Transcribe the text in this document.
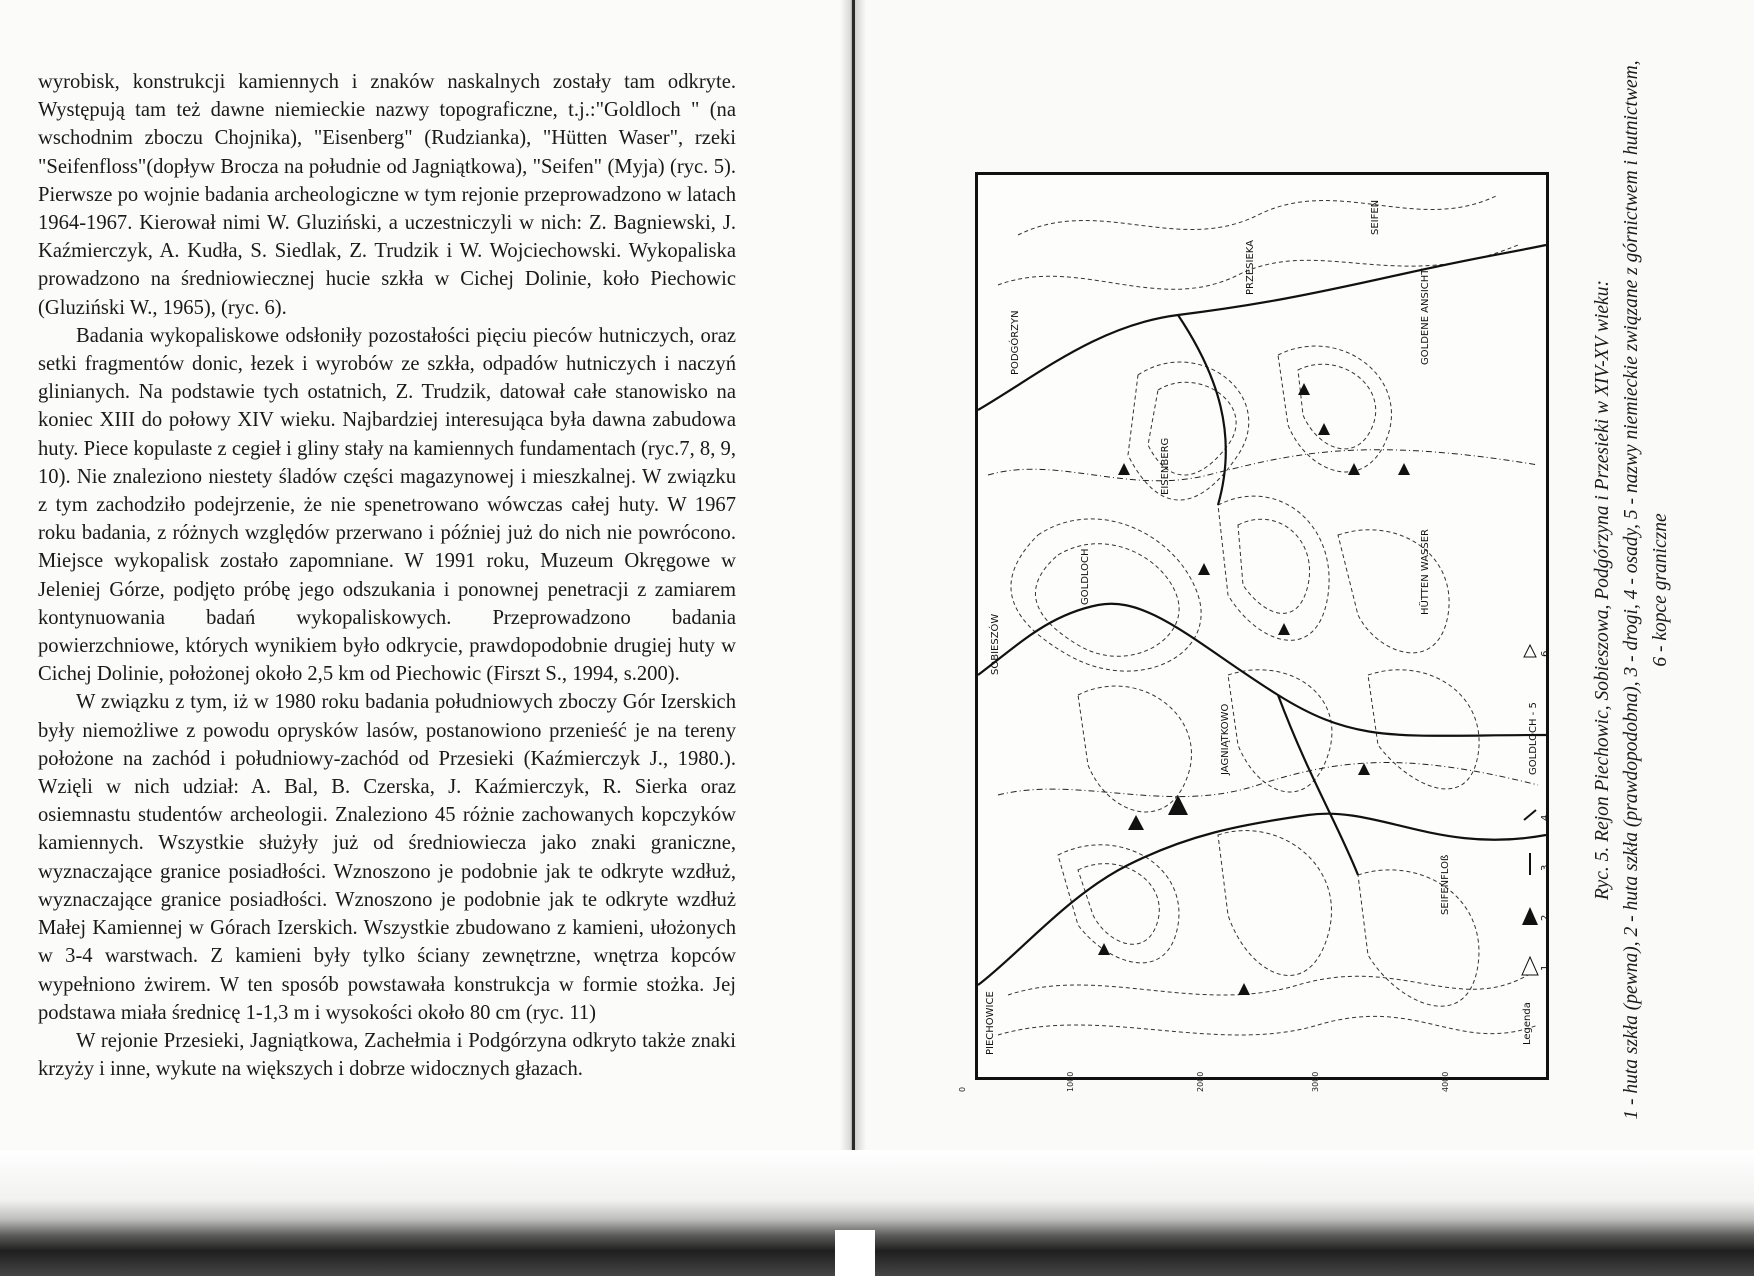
wyrobisk, konstrukcji kamiennych i znaków naskalnych zostały tam odkryte. Występują tam też dawne niemieckie nazwy topograficzne, t.j.:"Goldloch " (na wschodnim zboczu Chojnika), "Eisenberg" (Rudzianka), "Hütten Waser", rzeki "Seifenfloss"(dopływ Brocza na południe od Jagniątkowa), "Seifen" (Myja) (ryc. 5). Pierwsze po wojnie badania archeologiczne w tym rejonie przeprowadzono w latach 1964-1967. Kierował nimi W. Gluziński, a uczestniczyli w nich: Z. Bagniewski, J. Kaźmierczyk, A. Kudła, S. Siedlak, Z. Trudzik i W. Wojciechowski. Wykopaliska prowadzono na średniowiecznej hucie szkła w Cichej Dolinie, koło Piechowic (Gluziński W., 1965), (ryc. 6).

Badania wykopaliskowe odsłoniły pozostałości pięciu pieców hutniczych, oraz setki fragmentów donic, łezek i wyrobów ze szkła, odpadów hutniczych i naczyń glinianych. Na podstawie tych ostatnich, Z. Trudzik, datował całe stanowisko na koniec XIII do połowy XIV wieku. Najbardziej interesująca była dawna zabudowa huty. Piece kopulaste z cegieł i gliny stały na kamiennych fundamentach (ryc.7, 8, 9, 10). Nie znaleziono niestety śladów części magazynowej i mieszkalnej. W związku z tym zachodziło podejrzenie, że nie spenetrowano wówczas całej huty. W 1967 roku badania, z różnych względów przerwano i później już do nich nie powrócono. Miejsce wykopalisk zostało zapomniane. W 1991 roku, Muzeum Okręgowe w Jeleniej Górze, podjęto próbę jego odszukania i ponownej penetracji z zamiarem kontynuowania badań wykopaliskowych. Przeprowadzono badania powierzchniowe, których wynikiem było odkrycie, prawdopodobnie drugiej huty w Cichej Dolinie, położonej około 2,5 km od Piechowic (Firszt S., 1994, s.200).

W związku z tym, iż w 1980 roku badania południowych zboczy Gór Izerskich były niemożliwe z powodu oprysków lasów, postanowiono przenieść je na tereny położone na zachód i południowy-zachód od Przesieki (Kaźmierczyk J., 1980.). Wzięli w nich udział: A. Bal, B. Czerska, J. Kaźmierczyk, R. Sierka oraz osiemnastu studentów archeologii. Znaleziono 45 różnie zachowanych kopczyków kamiennych. Wszystkie służyły już od średniowiecza jako znaki graniczne, wyznaczające granice posiadłości. Wznoszono je podobnie jak te odkryte wzdłuż, wyznaczające granice posiadłości. Wznoszono je podobnie jak te odkryte wzdłuż Małej Kamiennej w Górach Izerskich. Wszystkie zbudowano z kamieni, ułożonych w 3-4 warstwach. Z kamieni były tylko ściany zewnętrzne, wnętrza kopców wypełniono żwirem. W ten sposób powstawała konstrukcja w formie stożka. Jej podstawa miała średnicę 1-1,3 m i wysokości około 80 cm (ryc. 11)

W rejonie Przesieki, Jagniątkowa, Zachełmia i Podgórzyna odkryto także znaki krzyży i inne, wykute na większych i dobrze widocznych głazach.

PODGÓRZYN
PRZESIEKA
SEIFEN
GOLDENE ANSICHT
EISENBERG
GOLDLOCH
SOBIESZÓW
HÜTTEN WASSER
JAGNIĄTKOWO
SEIFENFLOß
PIECHOWICE
0	1000	2000	3000	4000
Legenda
1
2
3
4
GOLDLOCH - 5
6 Ryc. 5. Rejon Piechowic, Sobieszowa, Podgórzyna i Przesieki w XIV-XV wieku: 1 - huta szkła (pewna), 2 - huta szkła (prawdopodobna), 3 - drogi, 4 - osady, 5 - nazwy niemieckie związane z górnictwem i hutnictwem, 6 - kopce graniczne
